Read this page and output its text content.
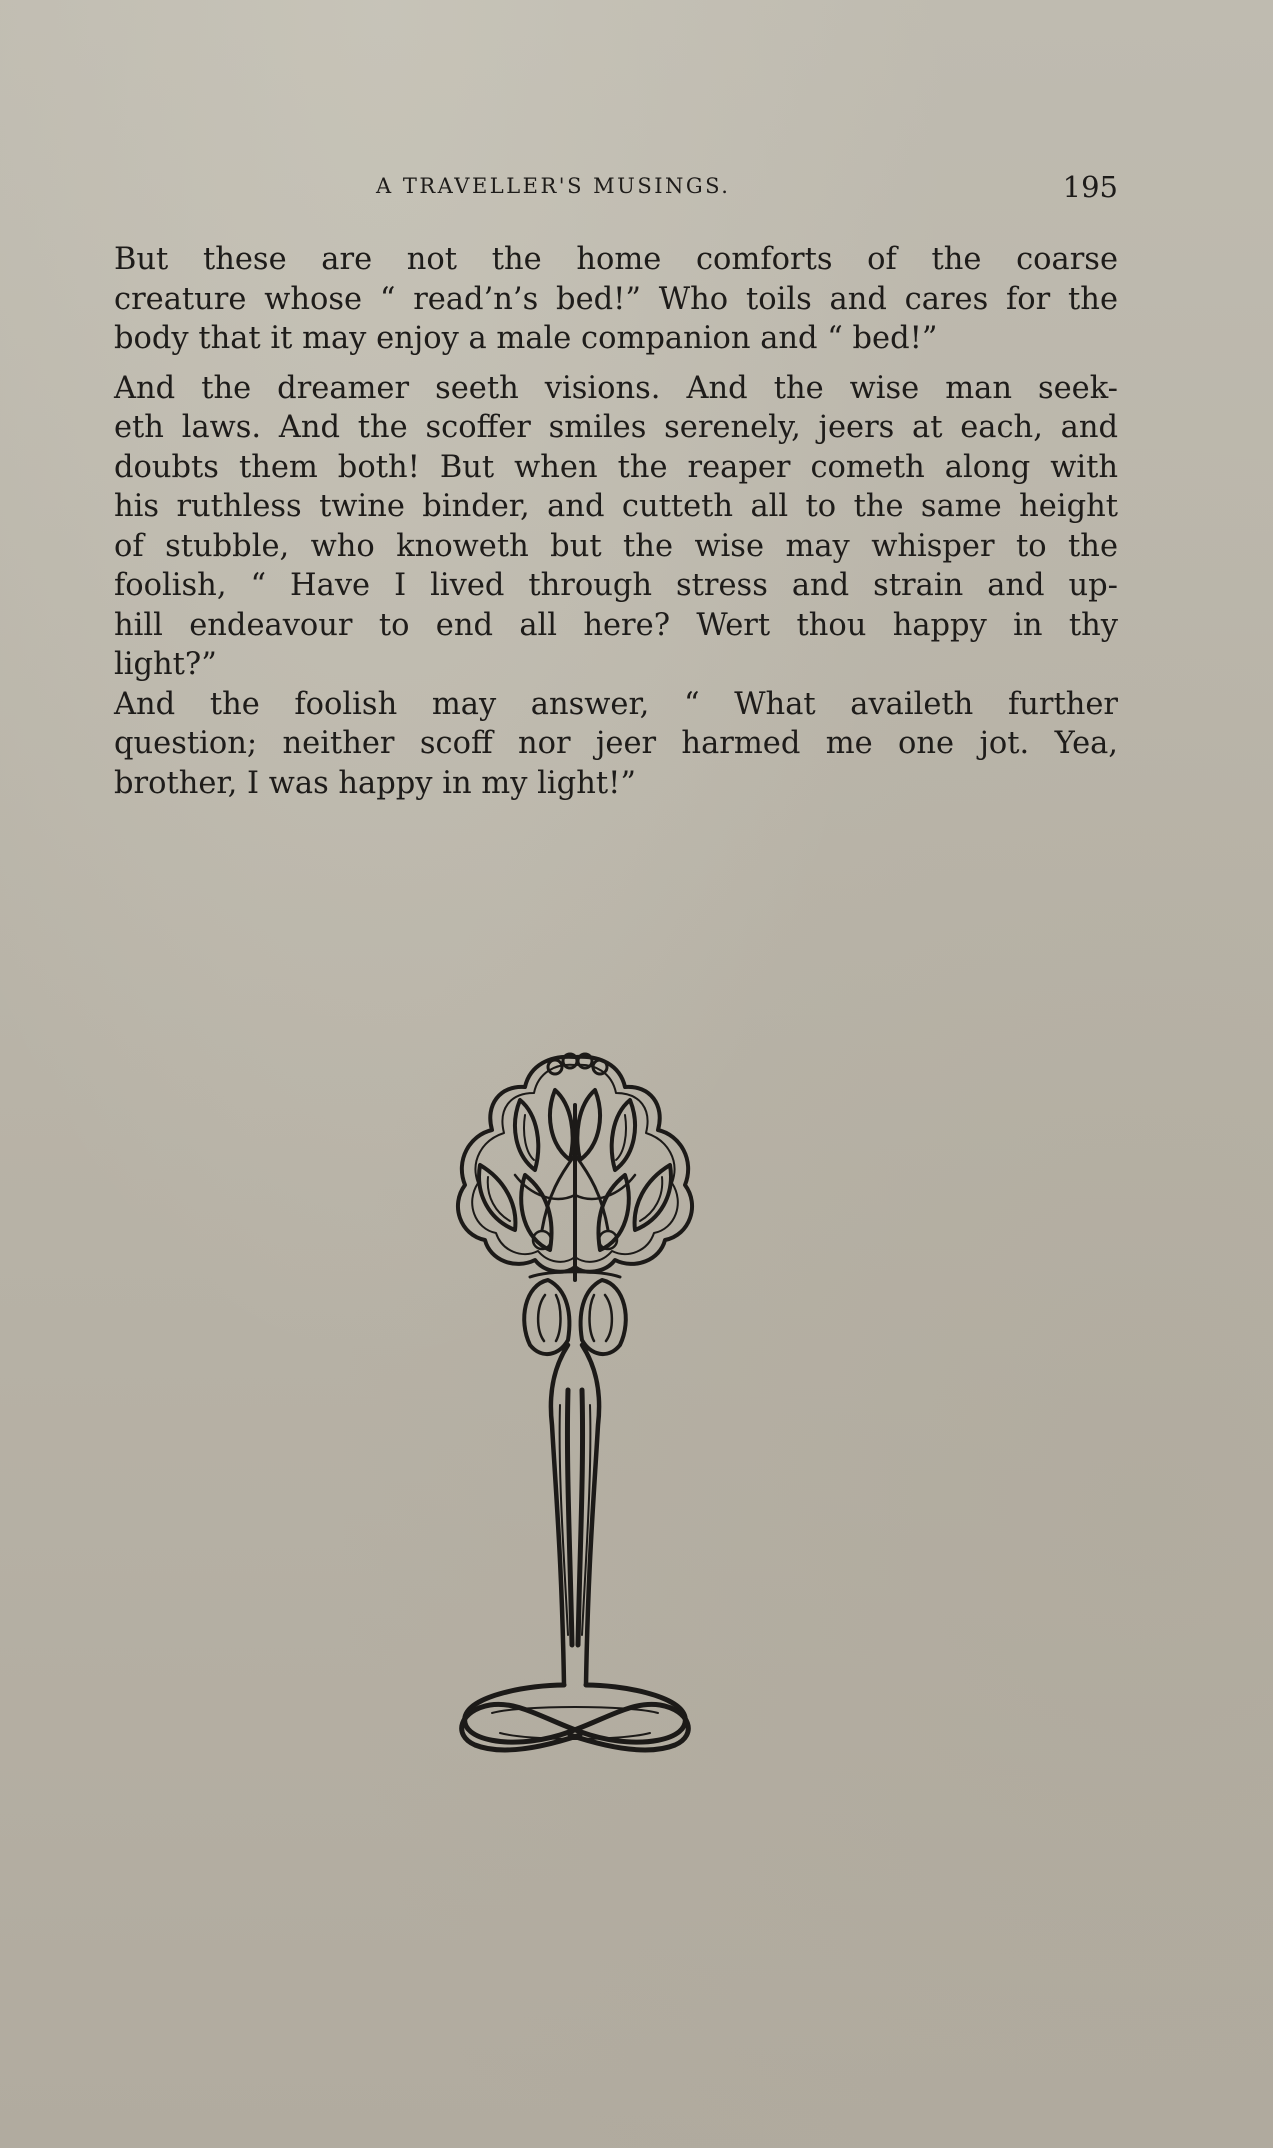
A TRAVELLER'S MUSINGS.	195

But these are not the home comforts of the coarse
creature whose “ read’n’s bed!” Who toils and cares for the
body that it may enjoy a male companion and “ bed!”

And the dreamer seeth visions. And the wise man seek-
eth laws. And the scoffer smiles serenely, jeers at each, and
doubts them both! But when the reaper cometh along with
his ruthless twine binder, and cutteth all to the same height
of stubble, who knoweth but the wise may whisper to the
foolish, “ Have I lived through stress and strain and up-
hill endeavour to end all here? Wert thou happy in thy
light?”

And the foolish may answer, “ What availeth further
question; neither scoff nor jeer harmed me one jot. Yea,
brother, I was happy in my light!”
